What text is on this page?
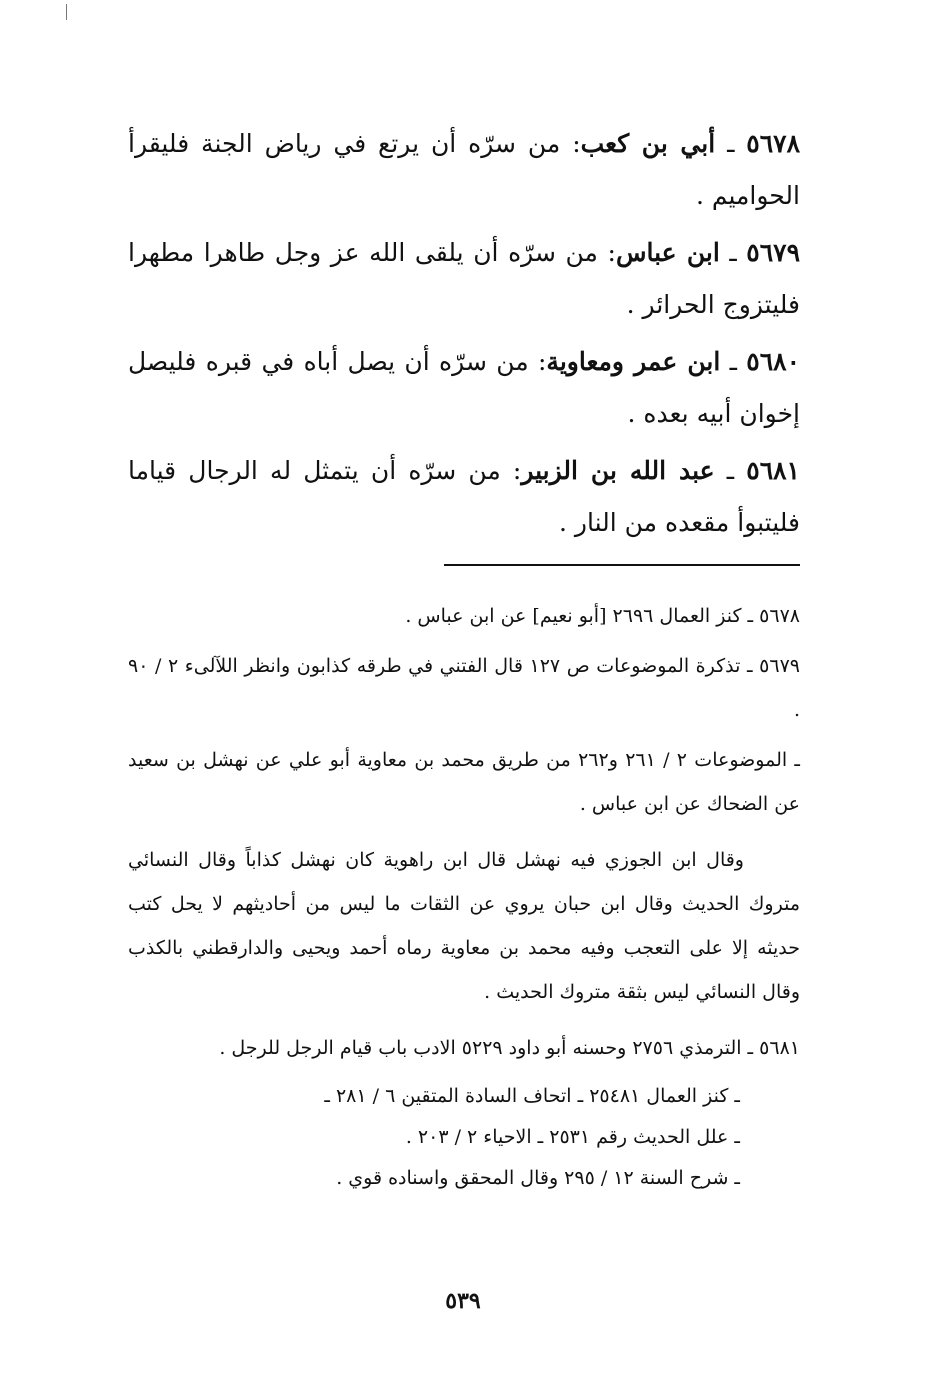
٥٦٧٨ ـ أبي بن كعب: من سرّه أن يرتع في رياض الجنة فليقرأ الحواميم .

٥٦٧٩ ـ ابن عباس: من سرّه أن يلقى الله عز وجل طاهرا مطهرا فليتزوج الحرائر .

٥٦٨٠ ـ ابن عمر ومعاوية: من سرّه أن يصل أباه في قبره فليصل إخوان أبيه بعده .

٥٦٨١ ـ عبد الله بن الزبير: من سرّه أن يتمثل له الرجال قياما فليتبوأ مقعده من النار .

٥٦٧٨ ـ كنز العمال ٢٦٩٦ [أبو نعيم] عن ابن عباس .

٥٦٧٩ ـ تذكرة الموضوعات ص ١٢٧ قال الفتني في طرقه كذابون وانظر اللآلىء ٢ / ٩٠ .

ـ الموضوعات ٢ / ٢٦١ و٢٦٢ من طريق محمد بن معاوية أبو علي عن نهشل بن سعيد عن الضحاك عن ابن عباس .

وقال ابن الجوزي فيه نهشل قال ابن راهوية كان نهشل كذاباً وقال النسائي متروك الحديث وقال ابن حبان يروي عن الثقات ما ليس من أحاديثهم لا يحل كتب حديثه إلا على التعجب وفيه محمد بن معاوية رماه أحمد ويحيى والدارقطني بالكذب وقال النسائي ليس بثقة متروك الحديث .

٥٦٨١ ـ الترمذي ٢٧٥٦ وحسنه أبو داود ٥٢٢٩ الادب باب قيام الرجل للرجل .

ـ كنز العمال ٢٥٤٨١ ـ اتحاف السادة المتقين ٦ / ٢٨١ ـ

ـ علل الحديث رقم ٢٥٣١ ـ الاحياء ٢ / ٢٠٣ .

ـ شرح السنة ١٢ / ٢٩٥ وقال المحقق واسناده قوي .

٥٣٩
